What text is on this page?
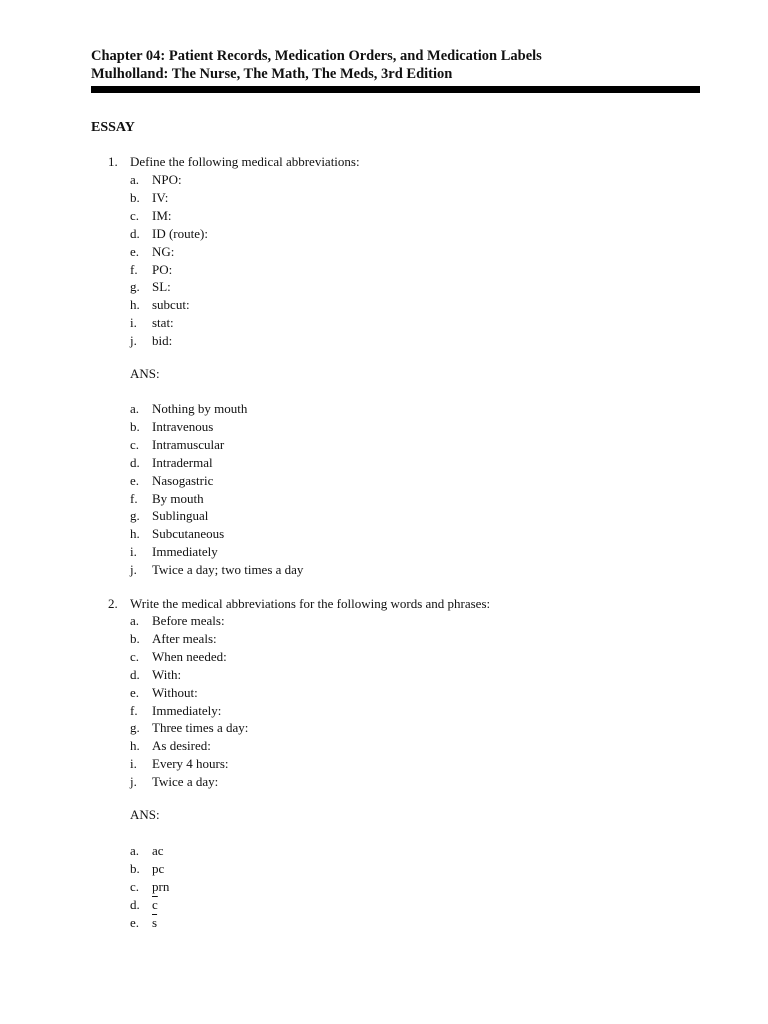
Chapter 04: Patient Records, Medication Orders, and Medication Labels
Mulholland: The Nurse, The Math, The Meds, 3rd Edition
ESSAY
1. Define the following medical abbreviations:
a. NPO:
b. IV:
c. IM:
d. ID (route):
e. NG:
f.	PO:
g. SL:
h. subcut:
i.	stat:
j.	bid:
ANS:
a. Nothing by mouth
b. Intravenous
c. Intramuscular
d. Intradermal
e. Nasogastric
f.	By mouth
g. Sublingual
h. Subcutaneous
i.	Immediately
j.	Twice a day; two times a day
2. Write the medical abbreviations for the following words and phrases:
a. Before meals:
b. After meals:
c. When needed:
d. With:
e. Without:
f.	Immediately:
g. Three times a day:
h. As desired:
i.	Every 4 hours:
j.	Twice a day:
ANS:
a. ac
b. pc
c. prn
d. $\overline{c}$
e. $\overline{s}$
